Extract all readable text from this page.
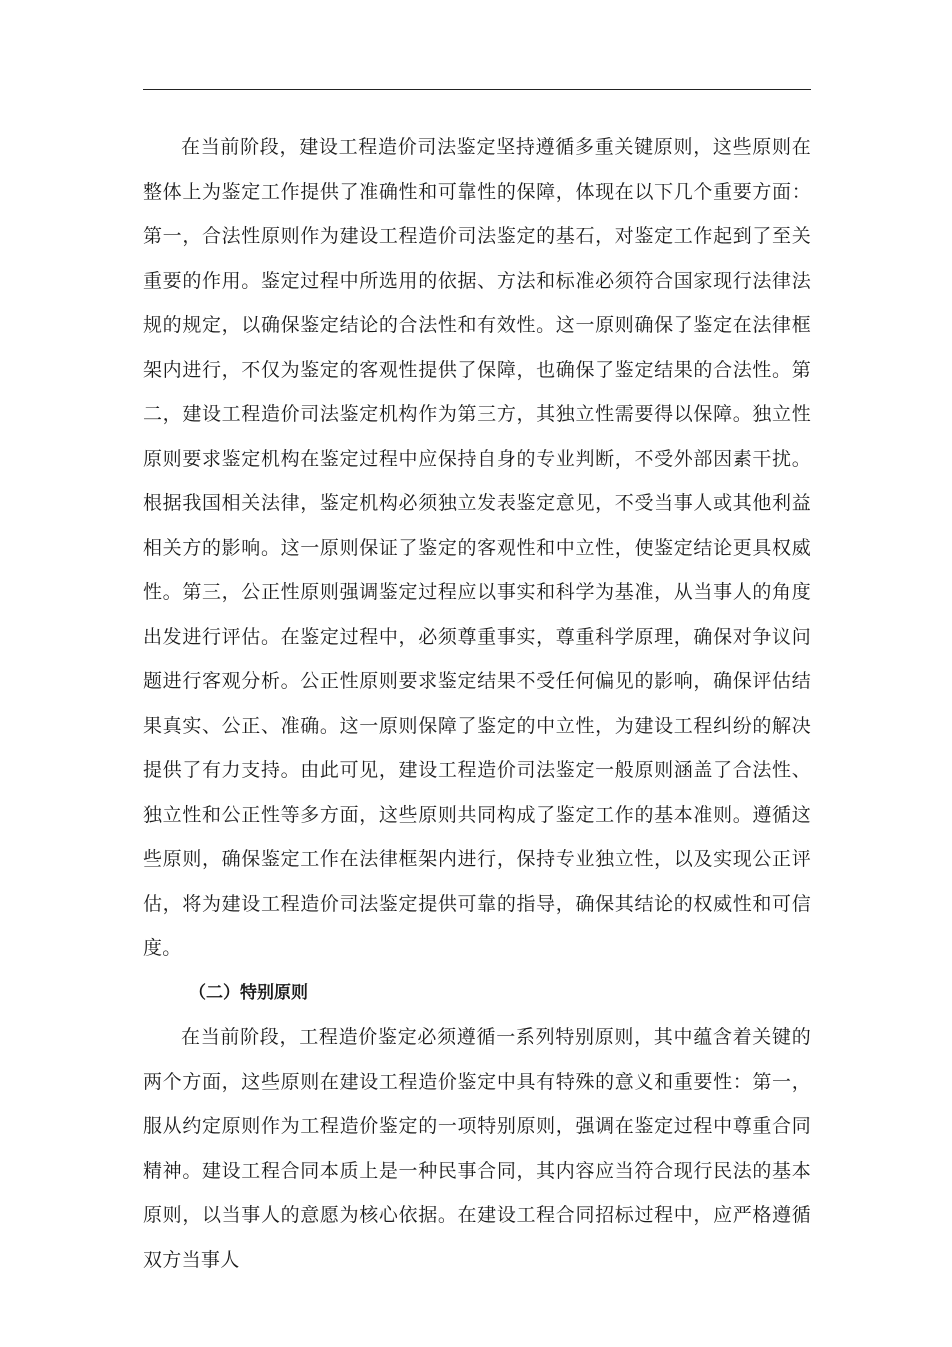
在当前阶段，建设工程造价司法鉴定坚持遵循多重关键原则，这些原则在整体上为鉴定工作提供了准确性和可靠性的保障，体现在以下几个重要方面：第一，合法性原则作为建设工程造价司法鉴定的基石，对鉴定工作起到了至关重要的作用。鉴定过程中所选用的依据、方法和标准必须符合国家现行法律法规的规定，以确保鉴定结论的合法性和有效性。这一原则确保了鉴定在法律框架内进行，不仅为鉴定的客观性提供了保障，也确保了鉴定结果的合法性。第二，建设工程造价司法鉴定机构作为第三方，其独立性需要得以保障。独立性原则要求鉴定机构在鉴定过程中应保持自身的专业判断，不受外部因素干扰。根据我国相关法律，鉴定机构必须独立发表鉴定意见，不受当事人或其他利益相关方的影响。这一原则保证了鉴定的客观性和中立性，使鉴定结论更具权威性。第三，公正性原则强调鉴定过程应以事实和科学为基准，从当事人的角度出发进行评估。在鉴定过程中，必须尊重事实，尊重科学原理，确保对争议问题进行客观分析。公正性原则要求鉴定结果不受任何偏见的影响，确保评估结果真实、公正、准确。这一原则保障了鉴定的中立性，为建设工程纠纷的解决提供了有力支持。由此可见，建设工程造价司法鉴定一般原则涵盖了合法性、独立性和公正性等多方面，这些原则共同构成了鉴定工作的基本准则。遵循这些原则，确保鉴定工作在法律框架内进行，保持专业独立性，以及实现公正评估，将为建设工程造价司法鉴定提供可靠的指导，确保其结论的权威性和可信度。

（二）特别原则

在当前阶段，工程造价鉴定必须遵循一系列特别原则，其中蕴含着关键的两个方面，这些原则在建设工程造价鉴定中具有特殊的意义和重要性：第一，服从约定原则作为工程造价鉴定的一项特别原则，强调在鉴定过程中尊重合同精神。建设工程合同本质上是一种民事合同，其内容应当符合现行民法的基本原则，以当事人的意愿为核心依据。在建设工程合同招标过程中，应严格遵循双方当事人
